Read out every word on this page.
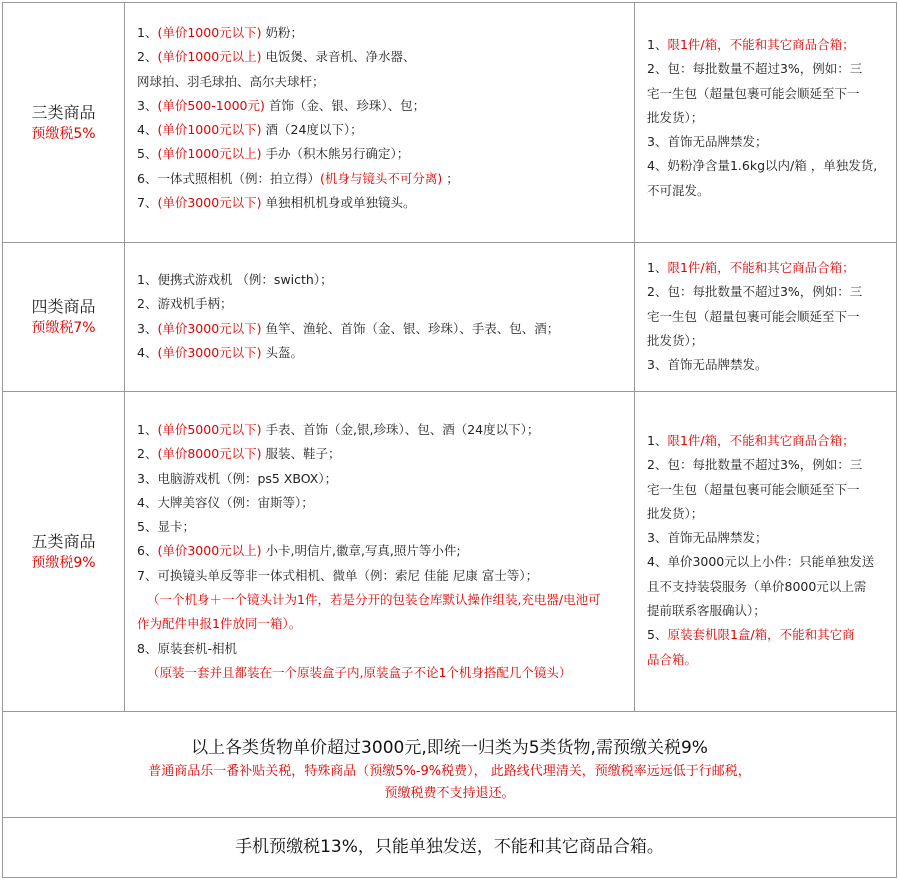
三类商品
预缴税5%
1、(单价1000元以下) 奶粉；
2、(单价1000元以上) 电饭煲、录音机、净水器、
网球拍、羽毛球拍、高尔夫球杆；
3、(单价500-1000元) 首饰（金、银、珍珠）、包；
4、(单价1000元以下) 酒（24度以下）；
5、(单价1000元以上) 手办（积木熊另行确定）；
6、一体式照相机（例：拍立得）(机身与镜头不可分离) ；
7、(单价3000元以下) 单独相机机身或单独镜头。
1、限1件/箱，不能和其它商品合箱；
2、包：每批数量不超过3%，例如：三
宅一生包（超量包裹可能会顺延至下一
批发货）；
3、首饰无品牌禁发；
4、奶粉净含量1.6kg以内/箱 ，单独发货,
不可混发。
四类商品
预缴税7%
1、便携式游戏机 （例：swicth）；
2、游戏机手柄；
3、(单价3000元以下) 鱼竿、渔轮、首饰（金、银、珍珠）、手表、包、酒；
4、(单价3000元以下) 头盔。
1、限1件/箱，不能和其它商品合箱；
2、包：每批数量不超过3%，例如：三
宅一生包（超量包裹可能会顺延至下一
批发货）；
3、首饰无品牌禁发。
五类商品
预缴税9%
1、(单价5000元以下) 手表、首饰（金,银,珍珠）、包、酒（24度以下）；
2、(单价8000元以下) 服装、鞋子；
3、电脑游戏机（例：ps5 XBOX）；
4、大牌美容仪（例：宙斯等）；
5、显卡；
6、(单价3000元以上) 小卡,明信片,徽章,写真,照片等小件;
7、可换镜头单反等非一体式相机、微单（例：索尼 佳能 尼康 富士等）；
（一个机身＋一个镜头计为1件，若是分开的包装仓库默认操作组装,充电器/电池可
作为配件申报1件放同一箱）。
8、原装套机-相机
（原装一套并且都装在一个原装盒子内,原装盒子不论1个机身搭配几个镜头）
1、限1件/箱，不能和其它商品合箱；
2、包：每批数量不超过3%，例如：三
宅一生包（超量包裹可能会顺延至下一
批发货）；
3、首饰无品牌禁发；
4、单价3000元以上小件：只能单独发送
且不支持装袋服务（单价8000元以上需
提前联系客服确认）；
5、原装套机限1盒/箱，不能和其它商
品合箱。
以上各类货物单价超过3000元,即统一归类为5类货物,需预缴关税9%
普通商品乐一番补贴关税，特殊商品（预缴5%-9%税费）， 此路线代理清关，预缴税率远远低于行邮税，
预缴税费不支持退还。
手机预缴税13%，只能单独发送，不能和其它商品合箱。
